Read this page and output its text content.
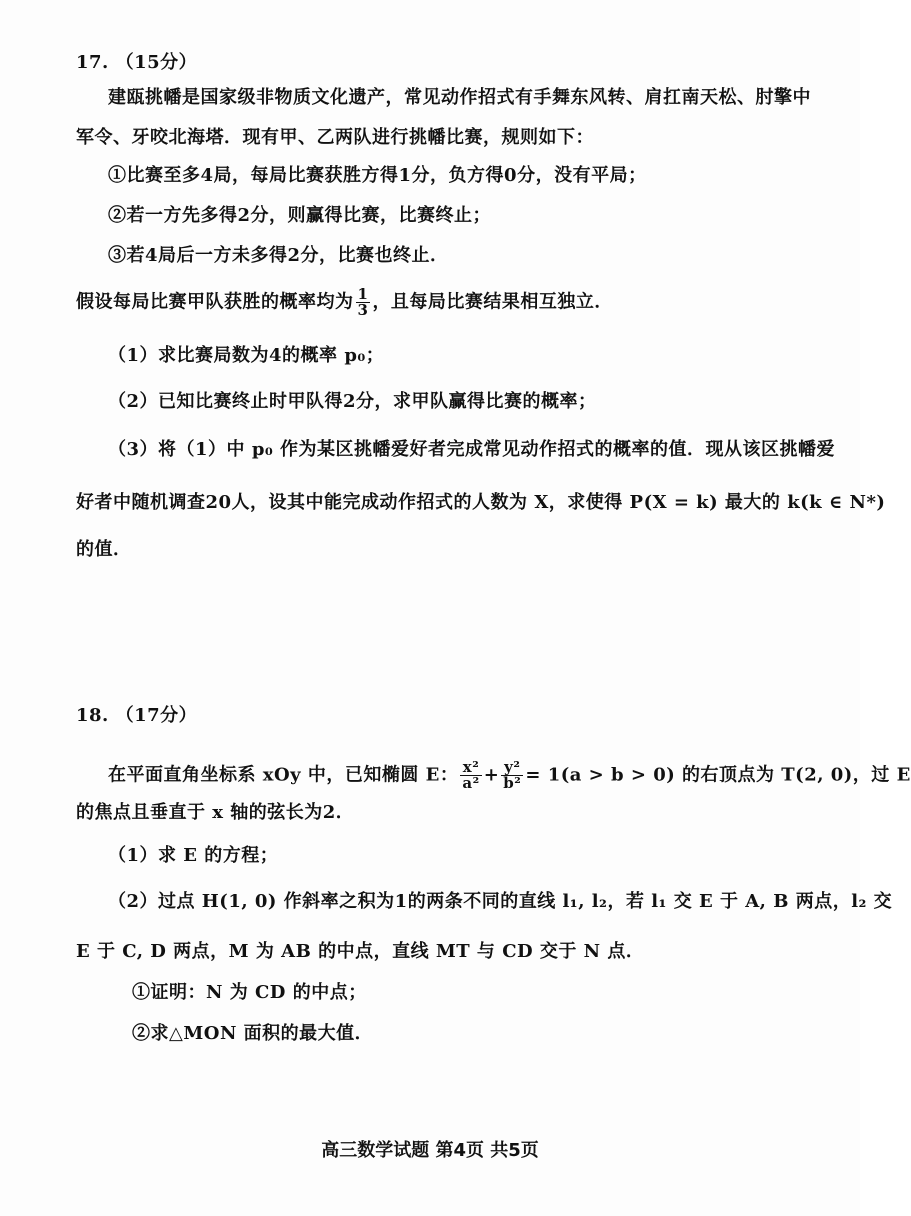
17. （15分）
建瓯挑幡是国家级非物质文化遗产，常见动作招式有手舞东风转、肩扛南天松、肘擎中
军令、牙咬北海塔．现有甲、乙两队进行挑幡比赛，规则如下：
①比赛至多4局，每局比赛获胜方得1分，负方得0分，没有平局；
②若一方先多得2分，则赢得比赛，比赛终止；
③若4局后一方未多得2分，比赛也终止．
假设每局比赛甲队获胜的概率均为 $\frac{1}{3}$ ，且每局比赛结果相互独立．
（1）求比赛局数为4的概率 p₀；
（2）已知比赛终止时甲队得2分，求甲队赢得比赛的概率；
（3）将（1）中 p₀ 作为某区挑幡爱好者完成常见动作招式的概率的值．现从该区挑幡爱
好者中随机调查20人，设其中能完成动作招式的人数为 X，求使得 P(X = k) 最大的 k(k ∈ N*)
的值．
18. （17分）
在平面直角坐标系 xOy 中，已知椭圆 E： $\frac{\text{x²}}{\text{a²}} + \frac{\text{y²}}{\text{b²}} = 1(a > b > 0)$ 的右顶点为 T(2, 0)，过 E
的焦点且垂直于 x 轴的弦长为2．
（1）求 E 的方程；
（2）过点 H(1, 0) 作斜率之积为1的两条不同的直线 l₁, l₂，若 l₁ 交 E 于 A, B 两点，l₂ 交
E 于 C, D 两点，M 为 AB 的中点，直线 MT 与 CD 交于 N 点．
①证明：N 为 CD 的中点；
②求△MON 面积的最大值．
高三数学试题 第4页 共5页
